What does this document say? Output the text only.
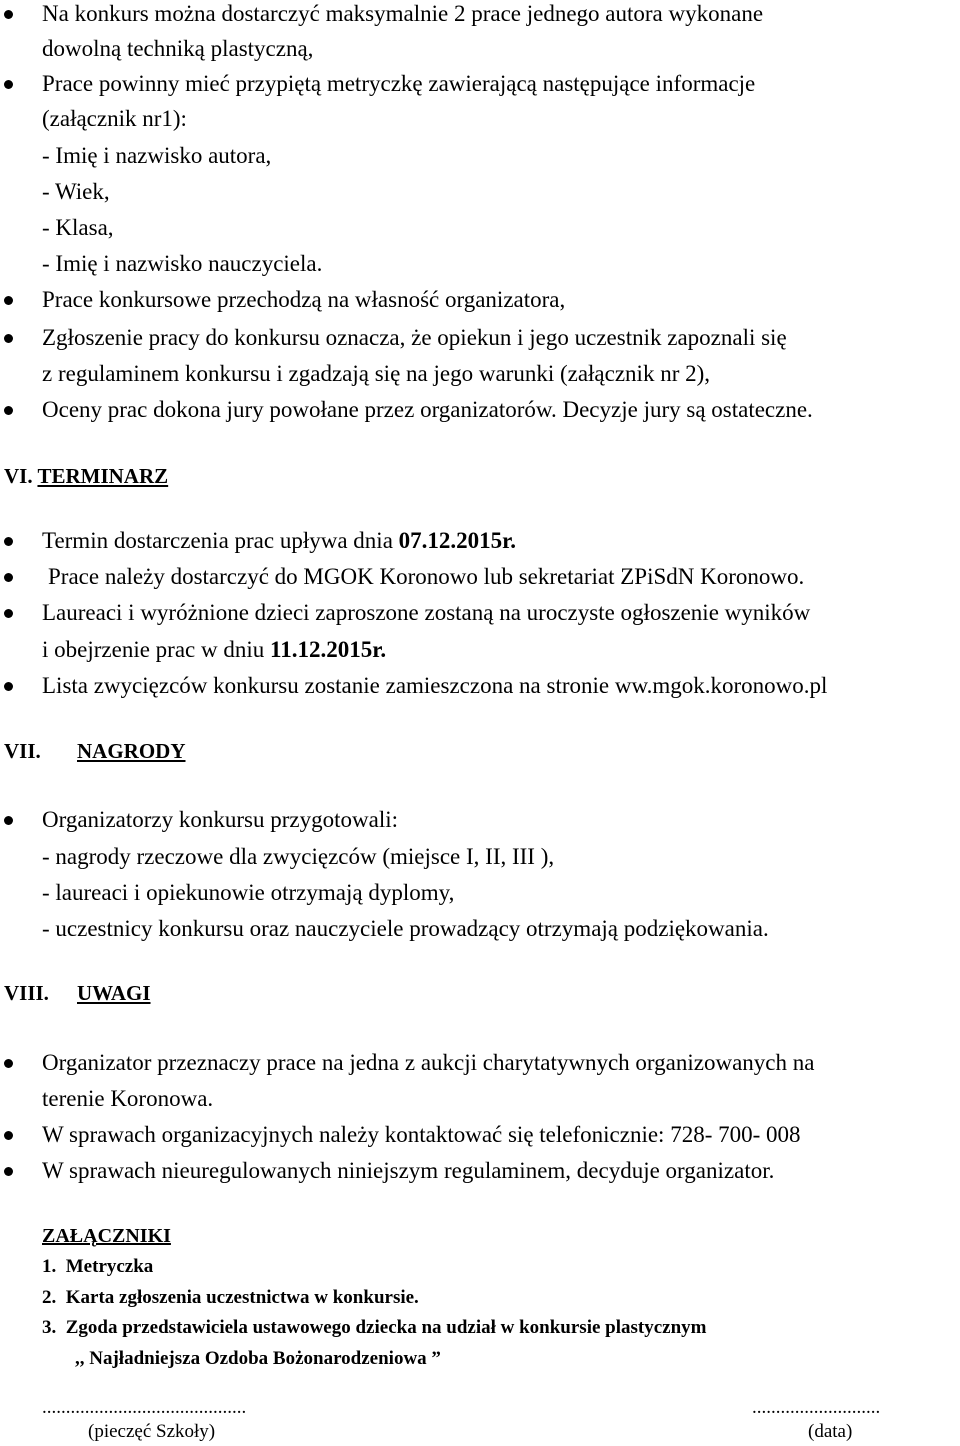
Na konkurs można dostarczyć maksymalnie 2 prace jednego autora wykonane
dowolną techniką plastyczną,
Prace powinny mieć przypiętą metryczkę zawierającą następujące informacje
(załącznik nr1):
- Imię i nazwisko autora,
- Wiek,
- Klasa,
- Imię i nazwisko nauczyciela.
Prace konkursowe przechodzą na własność organizatora,
Zgłoszenie pracy do konkursu oznacza, że opiekun i jego uczestnik zapoznali się
z regulaminem konkursu i zgadzają się na jego warunki (załącznik nr 2),
Oceny prac dokona jury powołane przez organizatorów. Decyzje jury są ostateczne.
VI. TERMINARZ
Termin dostarczenia prac upływa dnia 07.12.2015r.
Prace należy dostarczyć do MGOK Koronowo lub sekretariat ZPiSdN Koronowo.
Laureaci i wyróżnione dzieci zaproszone zostaną na uroczyste ogłoszenie wyników
i obejrzenie prac w dniu 11.12.2015r.
Lista zwycięzców konkursu zostanie zamieszczona na stronie ww.mgok.koronowo.pl
VII. NAGRODY
Organizatorzy konkursu przygotowali:
- nagrody rzeczowe dla zwycięzców (miejsce I, II, III ),
- laureaci i opiekunowie otrzymają dyplomy,
- uczestnicy konkursu oraz nauczyciele prowadzący otrzymają podziękowania.
VIII. UWAGI
Organizator przeznaczy prace na jedna z aukcji charytatywnych organizowanych na
terenie Koronowa.
W sprawach organizacyjnych należy kontaktować się telefonicznie: 728- 700- 008
W sprawach nieuregulowanych niniejszym regulaminem, decyduje organizator.
ZAŁĄCZNIKI
1.  Metryczka
2.  Karta zgłoszenia uczestnictwa w konkursie.
3.  Zgoda przedstawiciela ustawowego dziecka na udział w konkursie plastycznym
,, Najładniejsza Ozdoba Bożonarodzeniowa ”
...........................................	...........................
(pieczęć Szkoły)	(data)
